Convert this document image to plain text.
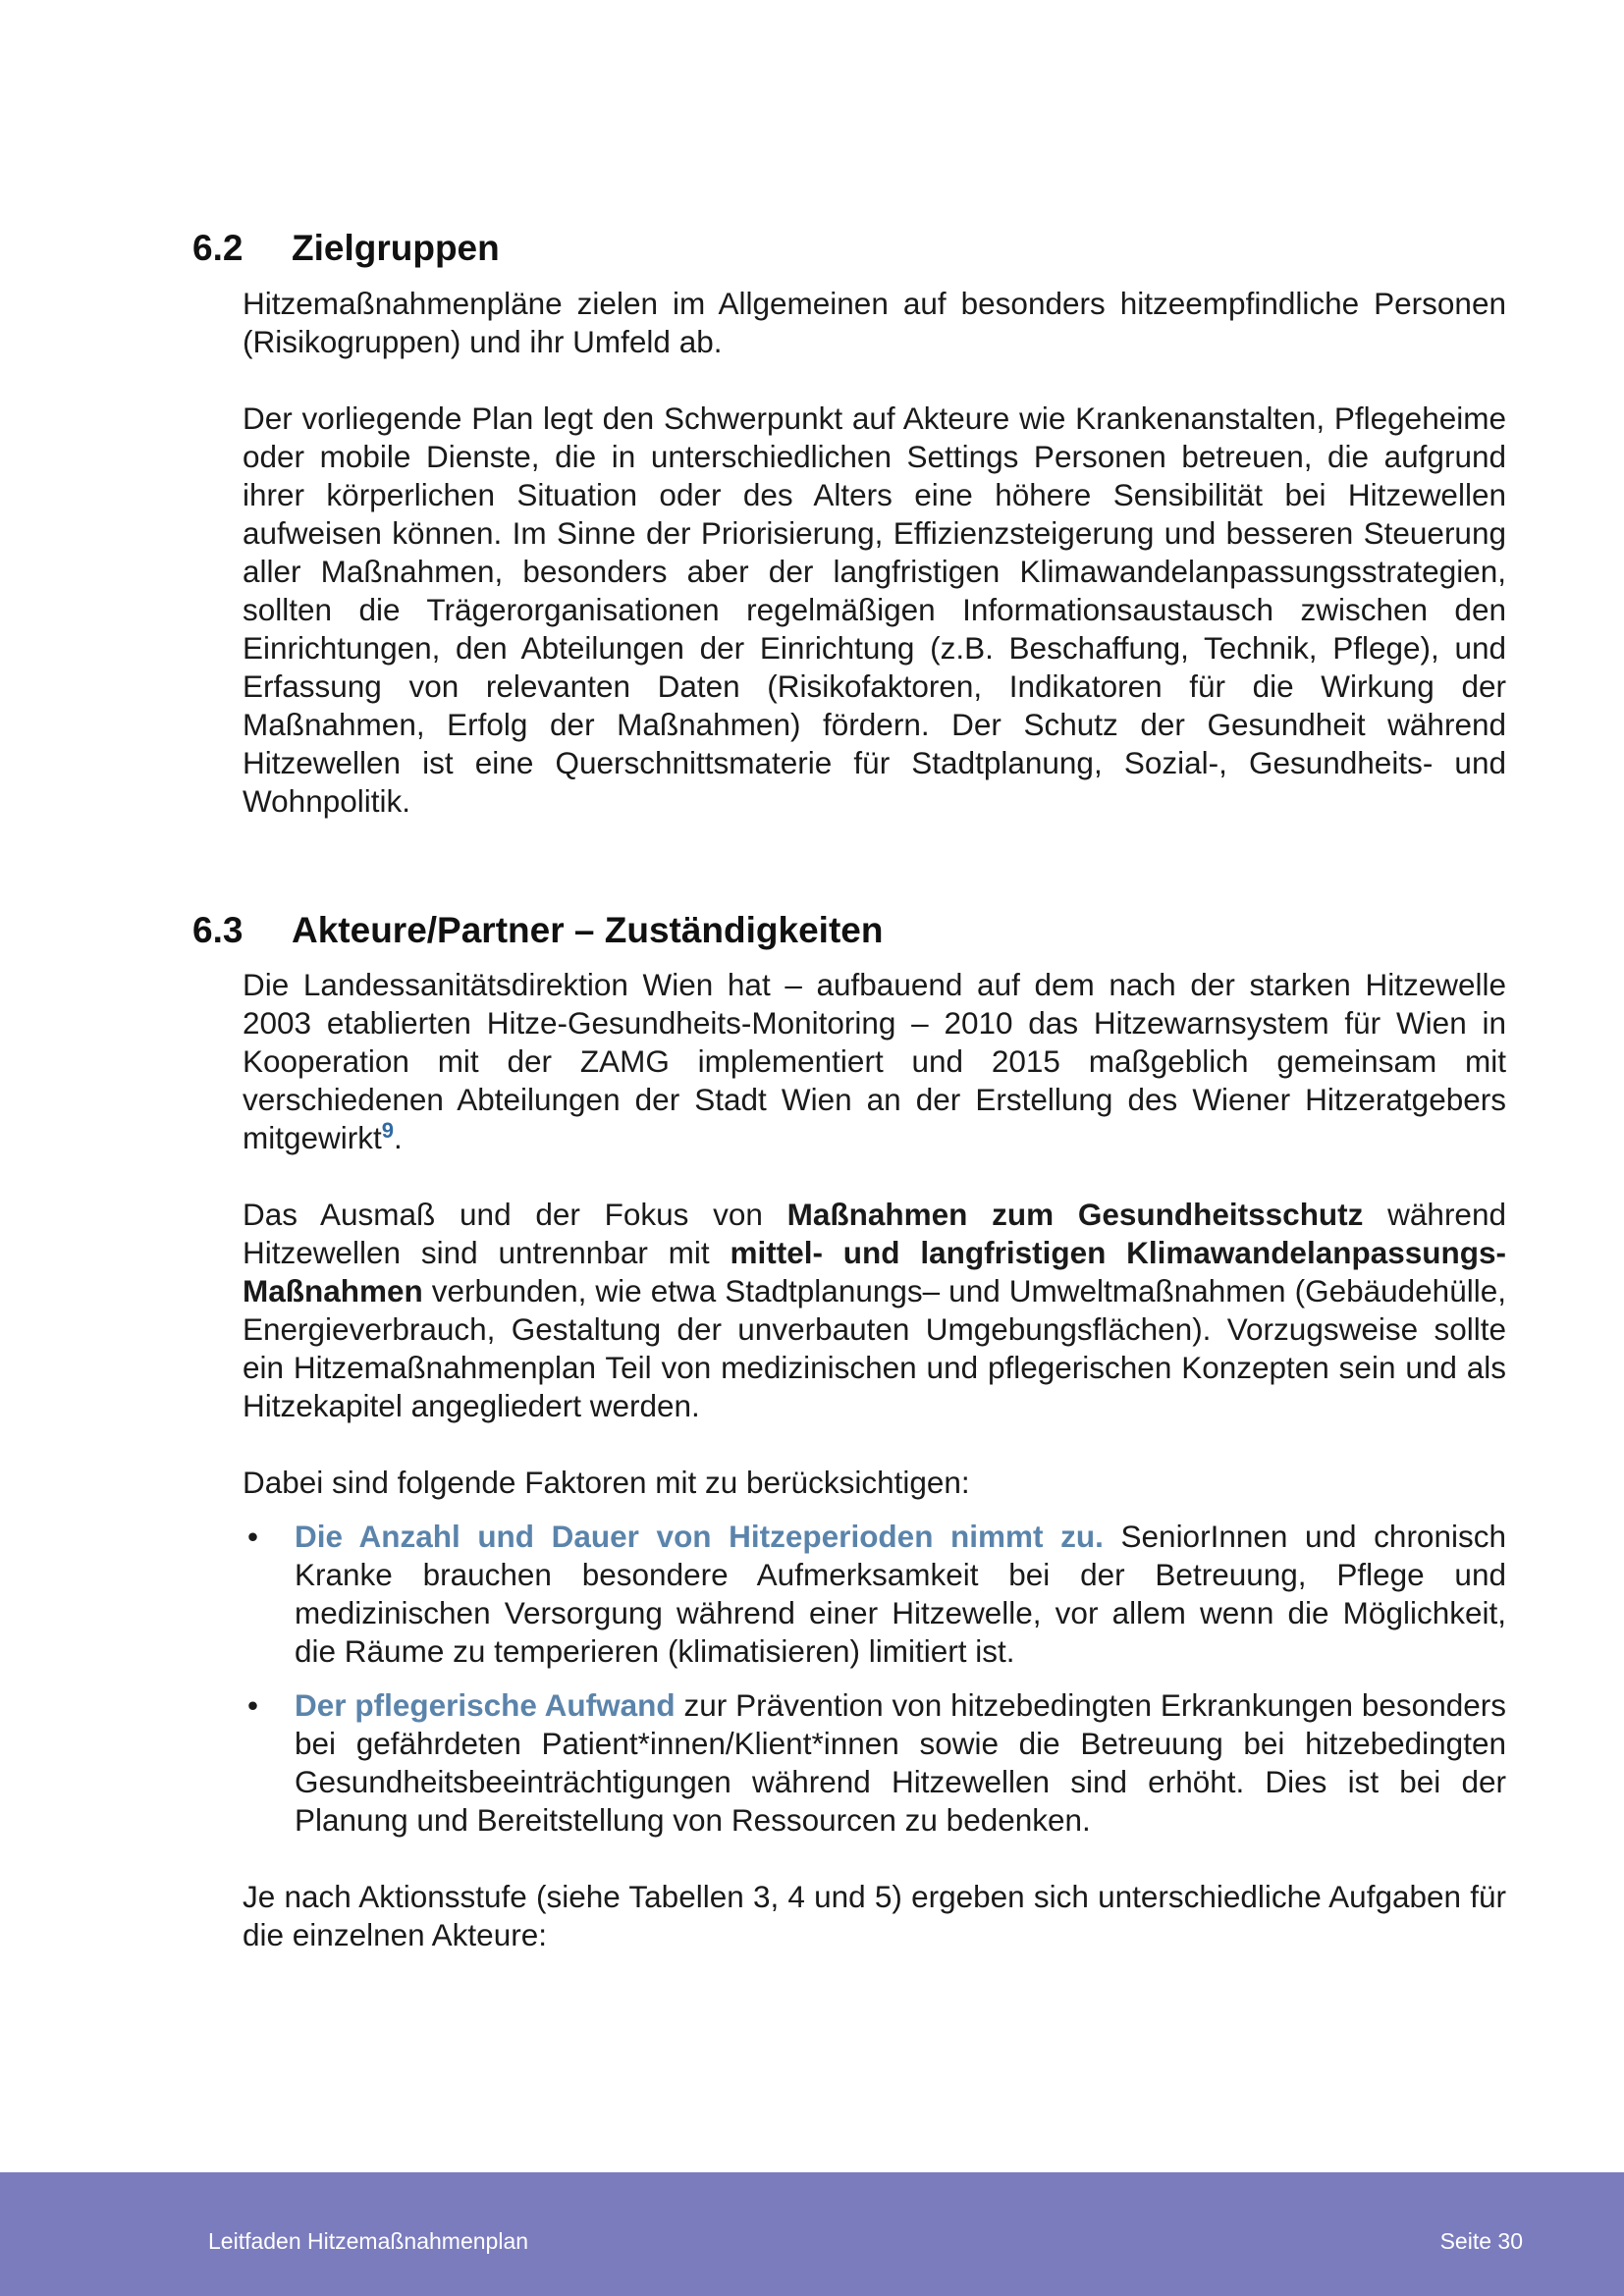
6.2 Zielgruppen

Hitzemaßnahmenpläne zielen im Allgemeinen auf besonders hitzeempfindliche Personen (Risikogruppen) und ihr Umfeld ab.

Der vorliegende Plan legt den Schwerpunkt auf Akteure wie Krankenanstalten, Pflegeheime oder mobile Dienste, die in unterschiedlichen Settings Personen betreuen, die aufgrund ihrer körperlichen Situation oder des Alters eine höhere Sensibilität bei Hitzewellen aufweisen können. Im Sinne der Priorisierung, Effizienzsteigerung und besseren Steuerung aller Maßnahmen, besonders aber der langfristigen Klimawandelanpassungsstrategien, sollten die Trägerorganisationen regelmäßigen Informationsaustausch zwischen den Einrichtungen, den Abteilungen der Einrichtung (z.B. Beschaffung, Technik, Pflege), und Erfassung von relevanten Daten (Risikofaktoren, Indikatoren für die Wirkung der Maßnahmen, Erfolg der Maßnahmen) fördern. Der Schutz der Gesundheit während Hitzewellen ist eine Querschnittsmaterie für Stadtplanung, Sozial-, Gesundheits- und Wohnpolitik.

6.3 Akteure/Partner – Zuständigkeiten

Die Landessanitätsdirektion Wien hat – aufbauend auf dem nach der starken Hitzewelle 2003 etablierten Hitze-Gesundheits-Monitoring – 2010 das Hitzewarnsystem für Wien in Kooperation mit der ZAMG implementiert und 2015 maßgeblich gemeinsam mit verschiedenen Abteilungen der Stadt Wien an der Erstellung des Wiener Hitzeratgebers mitgewirkt$^9$.

Das Ausmaß und der Fokus von Maßnahmen zum Gesundheitsschutz während Hitzewellen sind untrennbar mit mittel- und langfristigen Klimawandelanpassungs-Maßnahmen verbunden, wie etwa Stadtplanungs– und Umweltmaßnahmen (Gebäudehülle, Energieverbrauch, Gestaltung der unverbauten Umgebungsflächen). Vorzugsweise sollte ein Hitzemaßnahmenplan Teil von medizinischen und pflegerischen Konzepten sein und als Hitzekapitel angegliedert werden.

Dabei sind folgende Faktoren mit zu berücksichtigen:

• Die Anzahl und Dauer von Hitzeperioden nimmt zu. SeniorInnen und chronisch Kranke brauchen besondere Aufmerksamkeit bei der Betreuung, Pflege und medizinischen Versorgung während einer Hitzewelle, vor allem wenn die Möglichkeit, die Räume zu temperieren (klimatisieren) limitiert ist.
• Der pflegerische Aufwand zur Prävention von hitzebedingten Erkrankungen besonders bei gefährdeten Patient*innen/Klient*innen sowie die Betreuung bei hitzebedingten Gesundheitsbeeinträchtigungen während Hitzewellen sind erhöht. Dies ist bei der Planung und Bereitstellung von Ressourcen zu bedenken.

Je nach Aktionsstufe (siehe Tabellen 3, 4 und 5) ergeben sich unterschiedliche Aufgaben für die einzelnen Akteure:

Leitfaden Hitzemaßnahmenplan	Seite 30
